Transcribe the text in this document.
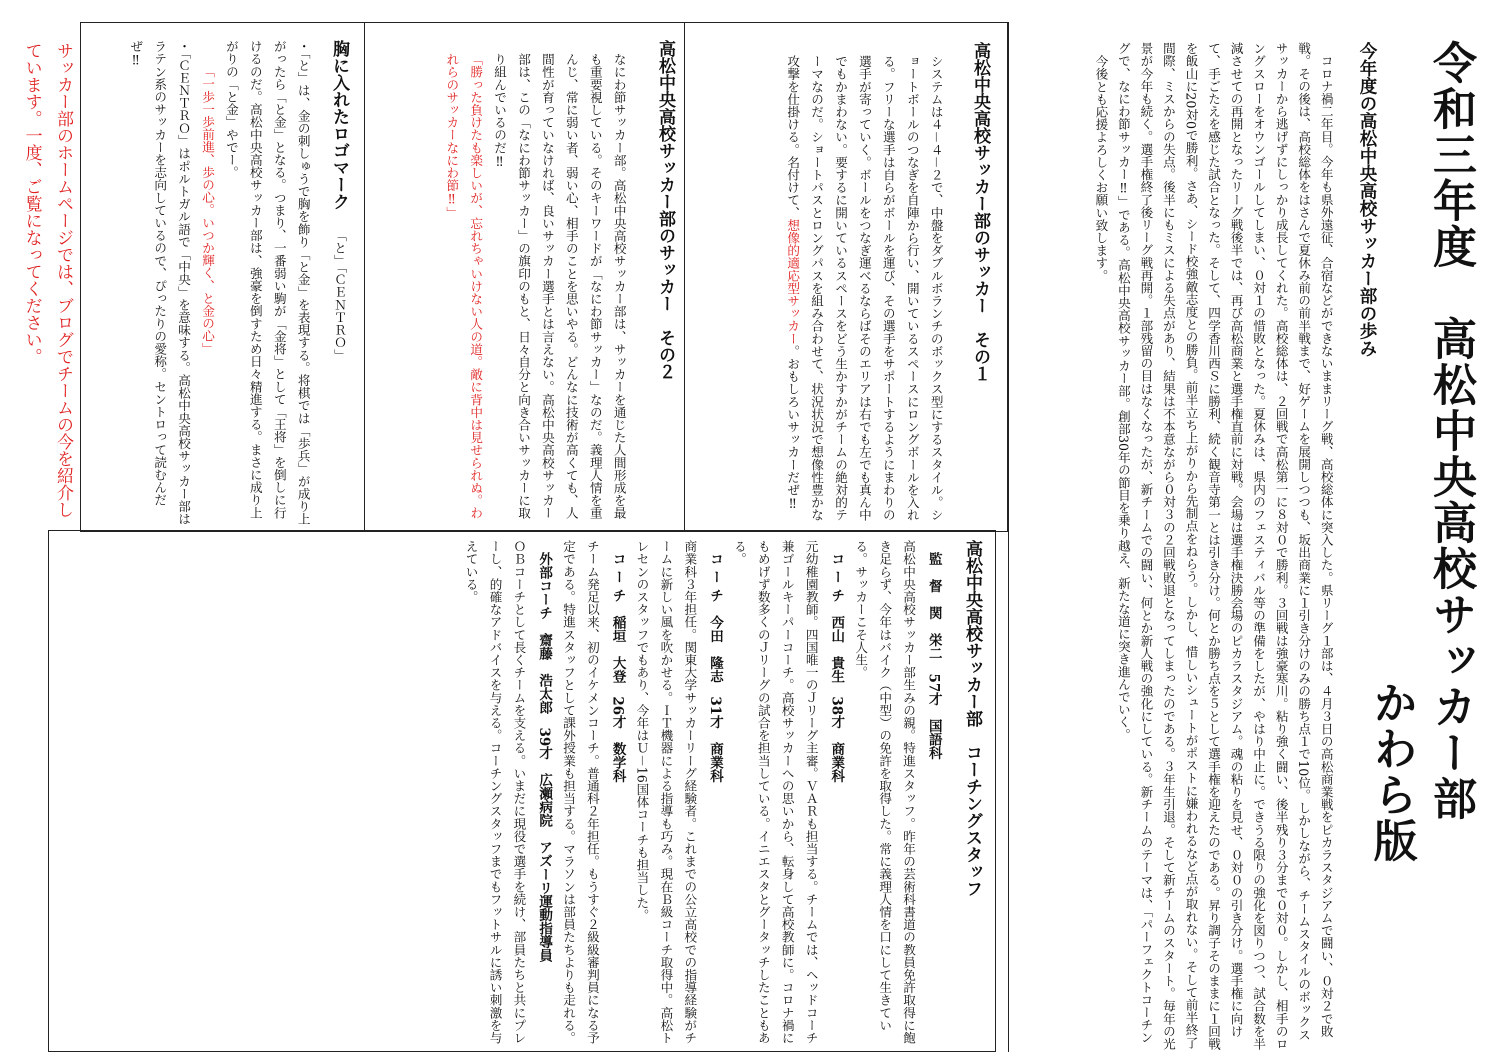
令和三年度　高松中央高校サッカー部
かわら版
今年度の高松中央高校サッカー部の歩み
　コロナ禍二年目。今年も県外遠征、合宿などができないままリーグ戦、高校総体に突入した。県リーグ１部は、４月３日の高松商業戦をピカラスタジアムで闘い、０対２で敗戦。その後は、高校総体をはさんで夏休み前の前半戦まで、好ゲームを展開しつつも、坂出商業に１引き分けのみの勝ち点１で10位。しかしながら、チームスタイルのボックスサッカーから逃げずにしっかり成長してくれた。高校総体は、２回戦で高松第一に８対０で勝利。３回戦は強豪寒川。粘り強く闘い、後半残り３分まで０対０。しかし、相手のロングスローをオウンゴールしてしまい、０対１の惜敗となった。夏休みは、県内のフェスティバル等の準備をしたが、やはり中止に。できうる限りの強化を図りつつ、試合数を半減させての再開となったリーグ戦後半では、再び高松商業と選手権直前に対戦。会場は選手権決勝会場のピカラスタジアム。魂の粘りを見せ、０対０の引き分け。選手権に向けて、手ごたえを感じた試合となった。そして、四学香川西Ｓに勝利、続く観音寺第一とは引き分け。何とか勝ち点を５として選手権を迎えたのである。昇り調子そのままに１回戦を飯山に20対0で勝利。さあ、シード校強敵志度との勝負。前半立ち上がりから先制点をねらう。しかし、惜しいシュートがポストに嫌われるなど点が取れない。そして前半終了間際、ミスからの失点。後半にもミスによる失点があり、結果は不本意ながら０対３の２回戦敗退となってしまったのである。３年生引退。そして新チームのスタート。毎年の光景が今年も続く。選手権終了後リーグ戦再開。１部残留の目はなくなったが、新チームでの闘い、何とか新人戦の強化にしている。新チームのテーマは、「パーフェクトコーチングで、なにわ節サッカー‼」である。高松中央高校サッカー部。創部30年の節目を乗り越え、新たな道に突き進んでいく。
今後とも応援よろしくお願い致します。
高松中央高校サッカー部のサッカー　その１
システムは４－４－２で、中盤をダブルボランチのボックス型にするスタイル。ショートボールのつなぎを自陣から行い、開いているスペースにロングボールを入れる。フリーな選手は自らがボールを運び、その選手をサポートするようにまわりの選手が寄っていく。ボールをつなぎ運べるならばそのエリアは右でも左でも真ん中でもかまわない。要するに開いているスペースをどう生かすかがチームの絶対的テーマなのだ。ショートパスとロングパスを組み合わせて、状況状況で想像性豊かな攻撃を仕掛ける。名付けて、想像的適応型サッカー。おもしろいサッカーだぜ‼
高松中央高校サッカー部のサッカー　その２
なにわ節サッカー部。高松中央高校サッカー部は、サッカーを通じた人間形成を最も重要視している。そのキーワードが「なにわ節サッカー」なのだ。義理人情を重んじ、常に弱い者、弱い心、相手のことを思いやる。どんなに技術が高くても、人間性が育っていなければ、良いサッカー選手とは言えない。高松中央高校サッカー部は、この「なにわ節サッカー」の旗印のもと、日々自分と向き合いサッカーに取り組んでいるのだ‼
「勝った負けたも楽しいが、忘れちゃいけない人の道。敵に背中は見せられぬ。われらのサッカーなにわ節‼」
胸に入れたロゴマーク「と」「ＣＥＮＴＲＯ」
・「と」は、金の刺しゅうで胸を飾り「と金」を表現する。将棋では「歩兵」が成り上がったら「と金」となる。つまり、一番弱い駒が「金将」として「王将」を倒しに行けるのだ。高松中央高校サッカー部は、強豪を倒すため日々精進する。まさに成り上がりの「と金」やでー。
「一歩一歩前進、歩の心。いつか輝く、と金の心」
・「ＣＥＮＴＲＯ」はポルトガル語で「中央」を意味する。高松中央高校サッカー部はラテン系のサッカーを志向しているので、ぴったりの愛称。セントロって読むんだぜ‼
サッカー部のホームページでは、ブログでチームの今を紹介しています。一度、ご覧になってください。
高松中央高校サッカー部　コーチングスタッフ
監　督　関　栄二　57才　国語科
高松中央高校サッカー部生みの親。特進スタッフ。昨年の芸術科書道の教員免許取得に飽き足らず、今年はバイク（中型）の免許を取得した。常に義理人情を口にして生きている。サッカーこそ人生。
コ ー チ　西山　貴生　38才　商業科
元幼稚園教師。四国唯一のＪリーグ主審。ＶＡＲも担当する。チームでは、ヘッドコーチ兼ゴールキーパーコーチ。高校サッカーへの思いから、転身して高校教師に。コロナ禍にもめげず数多くのＪリーグの試合を担当している。イニエスタとグータッチしたこともある。
コ ー チ　今田　隆志　31才　商業科
商業科３年担任。関東大学サッカーリーグ経験者。これまでの公立高校での指導経験がチームに新しい風を吹かせる。ＩＴ機器による指導も巧み。現在Ｂ級コーチ取得中。高松トレセンのスタッフでもあり、今年はＵ－16国体コーチも担当した。
コ ー チ　稲垣　大登　26才　数学科
チーム発足以来、初のイケメンコーチ。普通科２年担任。もうすぐ２級級審判員になる予定である。特進スタッフとして課外授業も担当する。マラソンは部員たちよりも走れる。
外部コーチ　齋藤　浩太郎　39才　広瀬病院　アズーリ運動指導員
ＯＢコーチとして長くチームを支える。いまだに現役で選手を続け、部員たちと共にプレーし、的確なアドバイスを与える。コーチングスタッフまでもフットサルに誘い刺激を与えている。
